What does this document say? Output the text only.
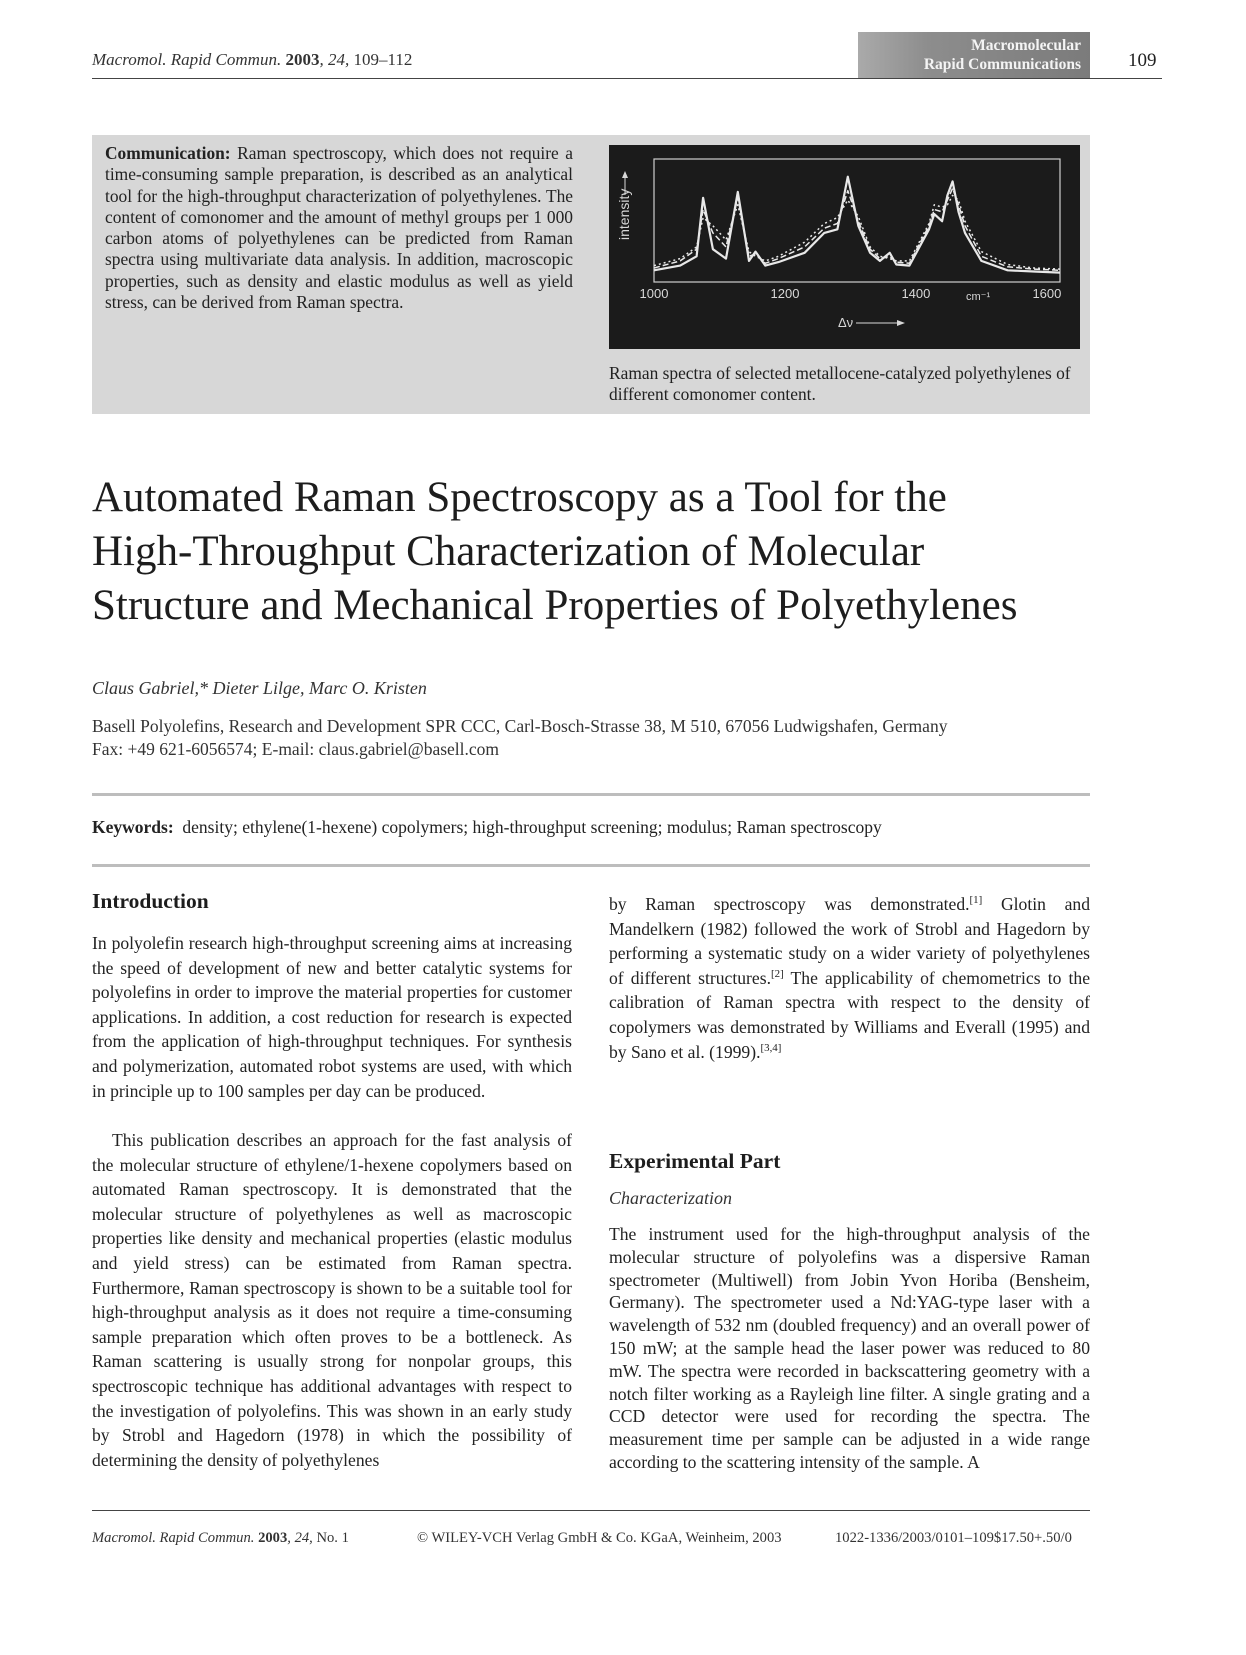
Macromol. Rapid Commun. 2003, 24, 109–112
Macromolecular
Rapid Communications 109
Communication: Raman spectroscopy, which does not require a time-consuming sample preparation, is described as an analytical tool for the high-throughput characterization of polyethylenes. The content of comonomer and the amount of methyl groups per 1 000 carbon atoms of polyethylenes can be predicted from Raman spectra using multivariate data analysis. In addition, macroscopic properties, such as density and elastic modulus as well as yield stress, can be derived from Raman spectra.	1000	1200	1400	1600
intensity
cm⁻¹
Δν
Raman spectra of selected metallocene-catalyzed polyethylenes of different comonomer content.
Automated Raman Spectroscopy as a Tool for the
High-Throughput Characterization of Molecular
Structure and Mechanical Properties of Polyethylenes
Claus Gabriel,* Dieter Lilge, Marc O. Kristen
Basell Polyolefins, Research and Development SPR CCC, Carl-Bosch-Strasse 38, M 510, 67056 Ludwigshafen, Germany
Fax: +49 621-6056574; E-mail: claus.gabriel@basell.com
Keywords: density; ethylene(1-hexene) copolymers; high-throughput screening; modulus; Raman spectroscopy
Introduction
In polyolefin research high-throughput screening aims at increasing the speed of development of new and better catalytic systems for polyolefins in order to improve the material properties for customer applications. In addition, a cost reduction for research is expected from the application of high-throughput techniques. For synthesis and polymerization, automated robot systems are used, with which in principle up to 100 samples per day can be produced.
This publication describes an approach for the fast analysis of the molecular structure of ethylene/1-hexene copolymers based on automated Raman spectroscopy. It is demonstrated that the molecular structure of polyethylenes as well as macroscopic properties like density and mechanical properties (elastic modulus and yield stress) can be estimated from Raman spectra. Furthermore, Raman spectroscopy is shown to be a suitable tool for high-throughput analysis as it does not require a time-consuming sample preparation which often proves to be a bottleneck. As Raman scattering is usually strong for nonpolar groups, this spectroscopic technique has additional advantages with respect to the investigation of polyolefins. This was shown in an early study by Strobl and Hagedorn (1978) in which the possibility of determining the density of polyethylenes
by Raman spectroscopy was demonstrated.[1] Glotin and Mandelkern (1982) followed the work of Strobl and Hagedorn by performing a systematic study on a wider variety of polyethylenes of different structures.[2] The applicability of chemometrics to the calibration of Raman spectra with respect to the density of copolymers was demonstrated by Williams and Everall (1995) and by Sano et al. (1999).[3,4]
Experimental Part
Characterization
The instrument used for the high-throughput analysis of the molecular structure of polyolefins was a dispersive Raman spectrometer (Multiwell) from Jobin Yvon Horiba (Bensheim, Germany). The spectrometer used a Nd:YAG-type laser with a wavelength of 532 nm (doubled frequency) and an overall power of 150 mW; at the sample head the laser power was reduced to 80 mW. The spectra were recorded in backscattering geometry with a notch filter working as a Rayleigh line filter. A single grating and a CCD detector were used for recording the spectra. The measurement time per sample can be adjusted in a wide range according to the scattering intensity of the sample. A
Macromol. Rapid Commun. 2003, 24, No. 1	© WILEY-VCH Verlag GmbH & Co. KGaA, Weinheim, 2003	1022-1336/2003/0101–109$17.50+.50/0
